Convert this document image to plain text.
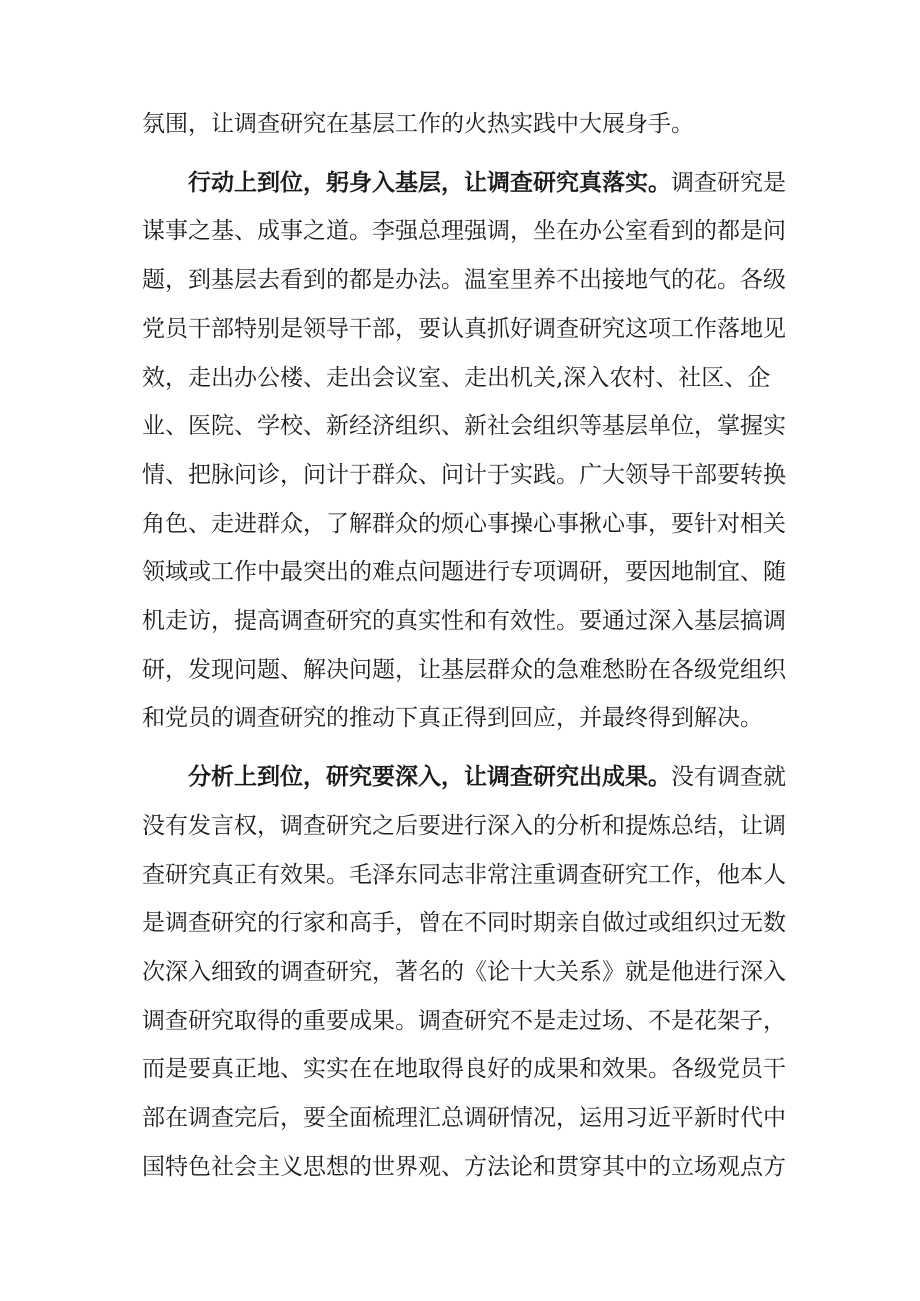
氛围，让调查研究在基层工作的火热实践中大展身手。

行动上到位，躬身入基层，让调查研究真落实。调查研究是
谋事之基、成事之道。李强总理强调，坐在办公室看到的都是问
题，到基层去看到的都是办法。温室里养不出接地气的花。各级
党员干部特别是领导干部，要认真抓好调查研究这项工作落地见
效，走出办公楼、走出会议室、走出机关,深入农村、社区、企
业、医院、学校、新经济组织、新社会组织等基层单位，掌握实
情、把脉问诊，问计于群众、问计于实践。广大领导干部要转换
角色、走进群众，了解群众的烦心事操心事揪心事，要针对相关
领域或工作中最突出的难点问题进行专项调研，要因地制宜、随
机走访，提高调查研究的真实性和有效性。要通过深入基层搞调
研，发现问题、解决问题，让基层群众的急难愁盼在各级党组织
和党员的调查研究的推动下真正得到回应，并最终得到解决。

分析上到位，研究要深入，让调查研究出成果。没有调查就
没有发言权，调查研究之后要进行深入的分析和提炼总结，让调
查研究真正有效果。毛泽东同志非常注重调查研究工作，他本人
是调查研究的行家和高手，曾在不同时期亲自做过或组织过无数
次深入细致的调查研究，著名的《论十大关系》就是他进行深入
调查研究取得的重要成果。调查研究不是走过场、不是花架子，
而是要真正地、实实在在地取得良好的成果和效果。各级党员干
部在调查完后，要全面梳理汇总调研情况，运用习近平新时代中
国特色社会主义思想的世界观、方法论和贯穿其中的立场观点方
